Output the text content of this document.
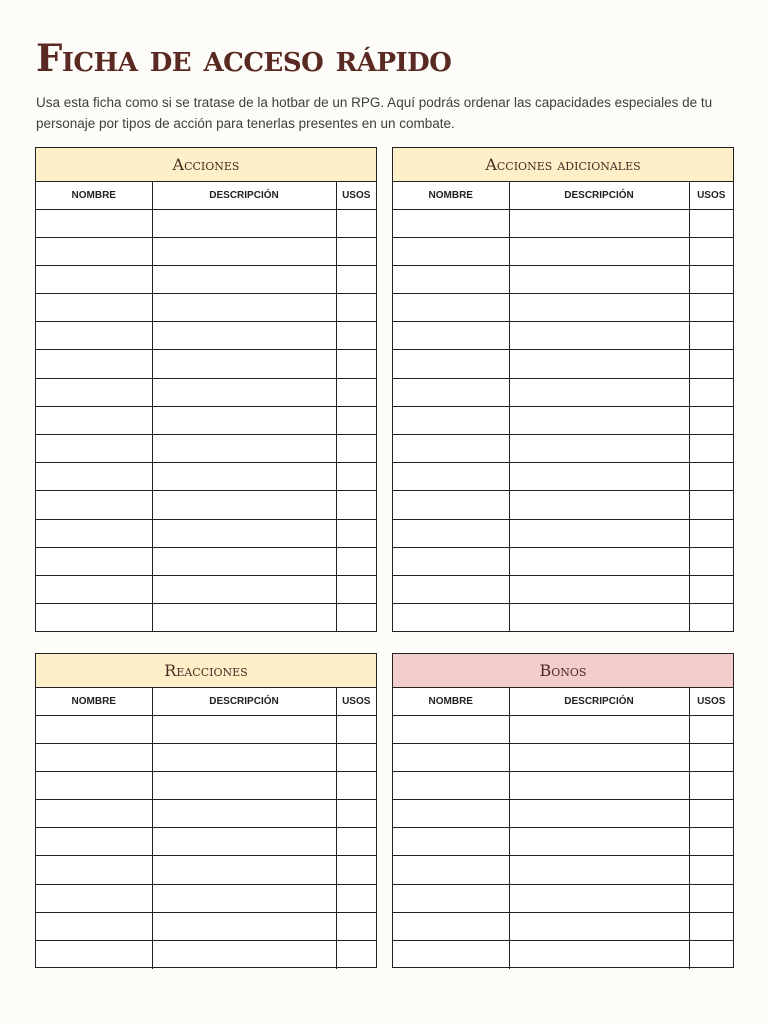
Ficha de acceso rápido
Usa esta ficha como si se tratase de la hotbar de un RPG. Aquí podrás ordenar las capacidades especiales de tu personaje por tipos de acción para tenerlas presentes en un combate.
Acciones
NOMBRE	DESCRIPCIÓN	USOS

Acciones adicionales
NOMBRE	DESCRIPCIÓN	USOS

Reacciones
NOMBRE	DESCRIPCIÓN	USOS

Bonos
NOMBRE	DESCRIPCIÓN	USOS
